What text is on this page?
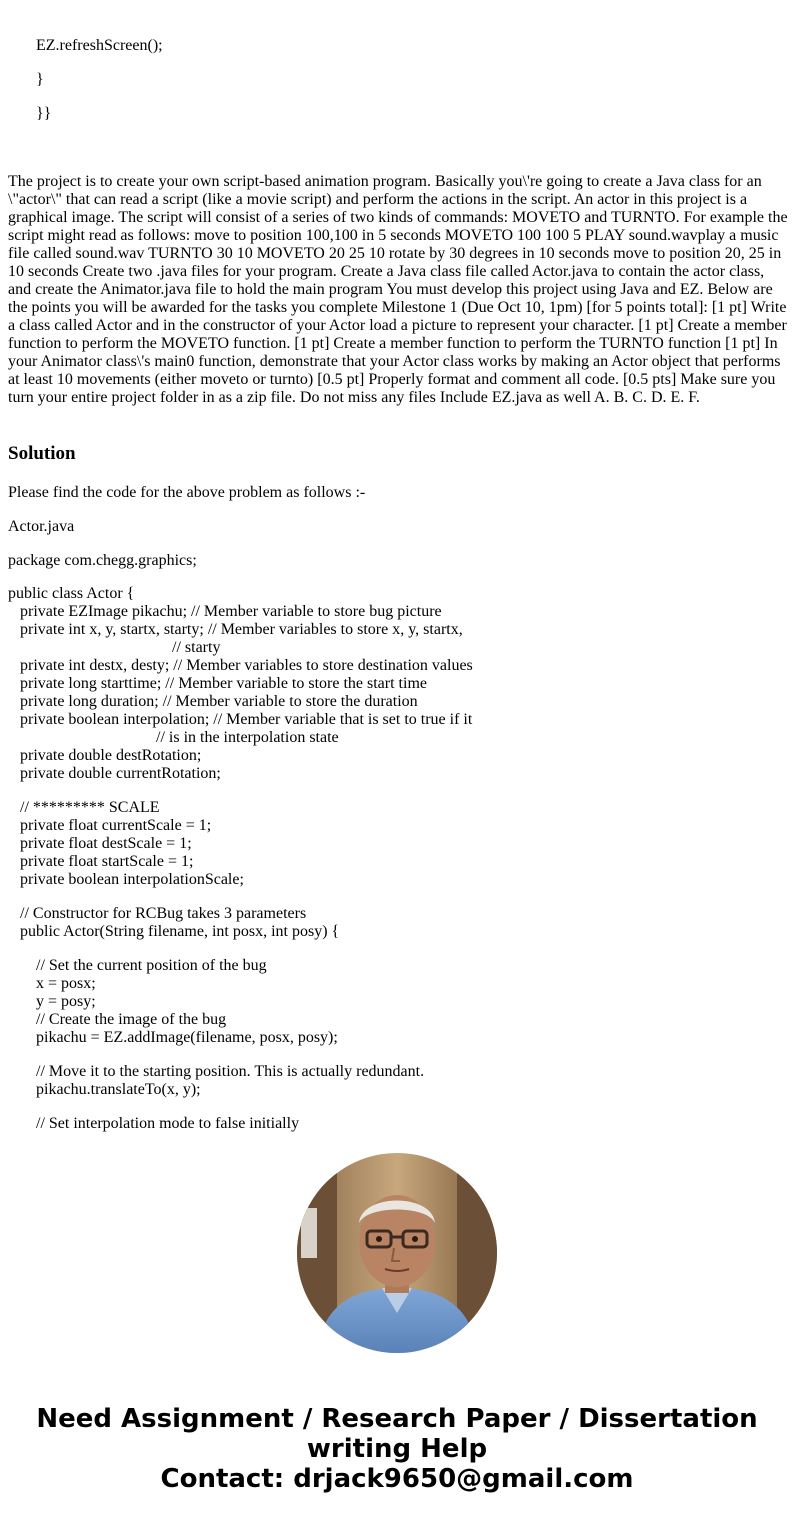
EZ.refreshScreen();
}
}}
The project is to create your own script-based animation program. Basically you\'re going to create a Java class for an \"actor\" that can read a script (like a movie script) and perform the actions in the script. An actor in this project is a graphical image. The script will consist of a series of two kinds of commands: MOVETO and TURNTO. For example the script might read as follows: move to position 100,100 in 5 seconds MOVETO 100 100 5 PLAY sound.wavplay a music file called sound.wav TURNTO 30 10 MOVETO 20 25 10 rotate by 30 degrees in 10 seconds move to position 20, 25 in 10 seconds Create two .java files for your program. Create a Java class file called Actor.java to contain the actor class, and create the Animator.java file to hold the main program You must develop this project using Java and EZ. Below are the points you will be awarded for the tasks you complete Milestone 1 (Due Oct 10, 1pm) [for 5 points total]: [1 pt] Write a class called Actor and in the constructor of your Actor load a picture to represent your character. [1 pt] Create a member function to perform the MOVETO function. [1 pt] Create a member function to perform the TURNTO function [1 pt] In your Animator class\'s main0 function, demonstrate that your Actor class works by making an Actor object that performs at least 10 movements (either moveto or turnto) [0.5 pt] Properly format and comment all code. [0.5 pts] Make sure you turn your entire project folder in as a zip file. Do not miss any files Include EZ.java as well A. B. C. D. E. F.
Solution

Please find the code for the above problem as follows :-

Actor.java

package com.chegg.graphics;

public class Actor {
private EZImage pikachu; // Member variable to store bug picture
private int x, y, startx, starty; // Member variables to store x, y, startx,
// starty
private int destx, desty; // Member variables to store destination values
private long starttime; // Member variable to store the start time
private long duration; // Member variable to store the duration
private boolean interpolation; // Member variable that is set to true if it
// is in the interpolation state
private double destRotation;
private double currentRotation;
// ********* SCALE
private float currentScale = 1;
private float destScale = 1;
private float startScale = 1;
private boolean interpolationScale;
// Constructor for RCBug takes 3 parameters
public Actor(String filename, int posx, int posy) {
// Set the current position of the bug
x = posx;
y = posy;
// Create the image of the bug
pikachu = EZ.addImage(filename, posx, posy);
// Move it to the starting position. This is actually redundant.
pikachu.translateTo(x, y);
// Set interpolation mode to false initially
Need Assignment / Research Paper / Dissertation
writing Help
Contact: drjack9650@gmail.com
